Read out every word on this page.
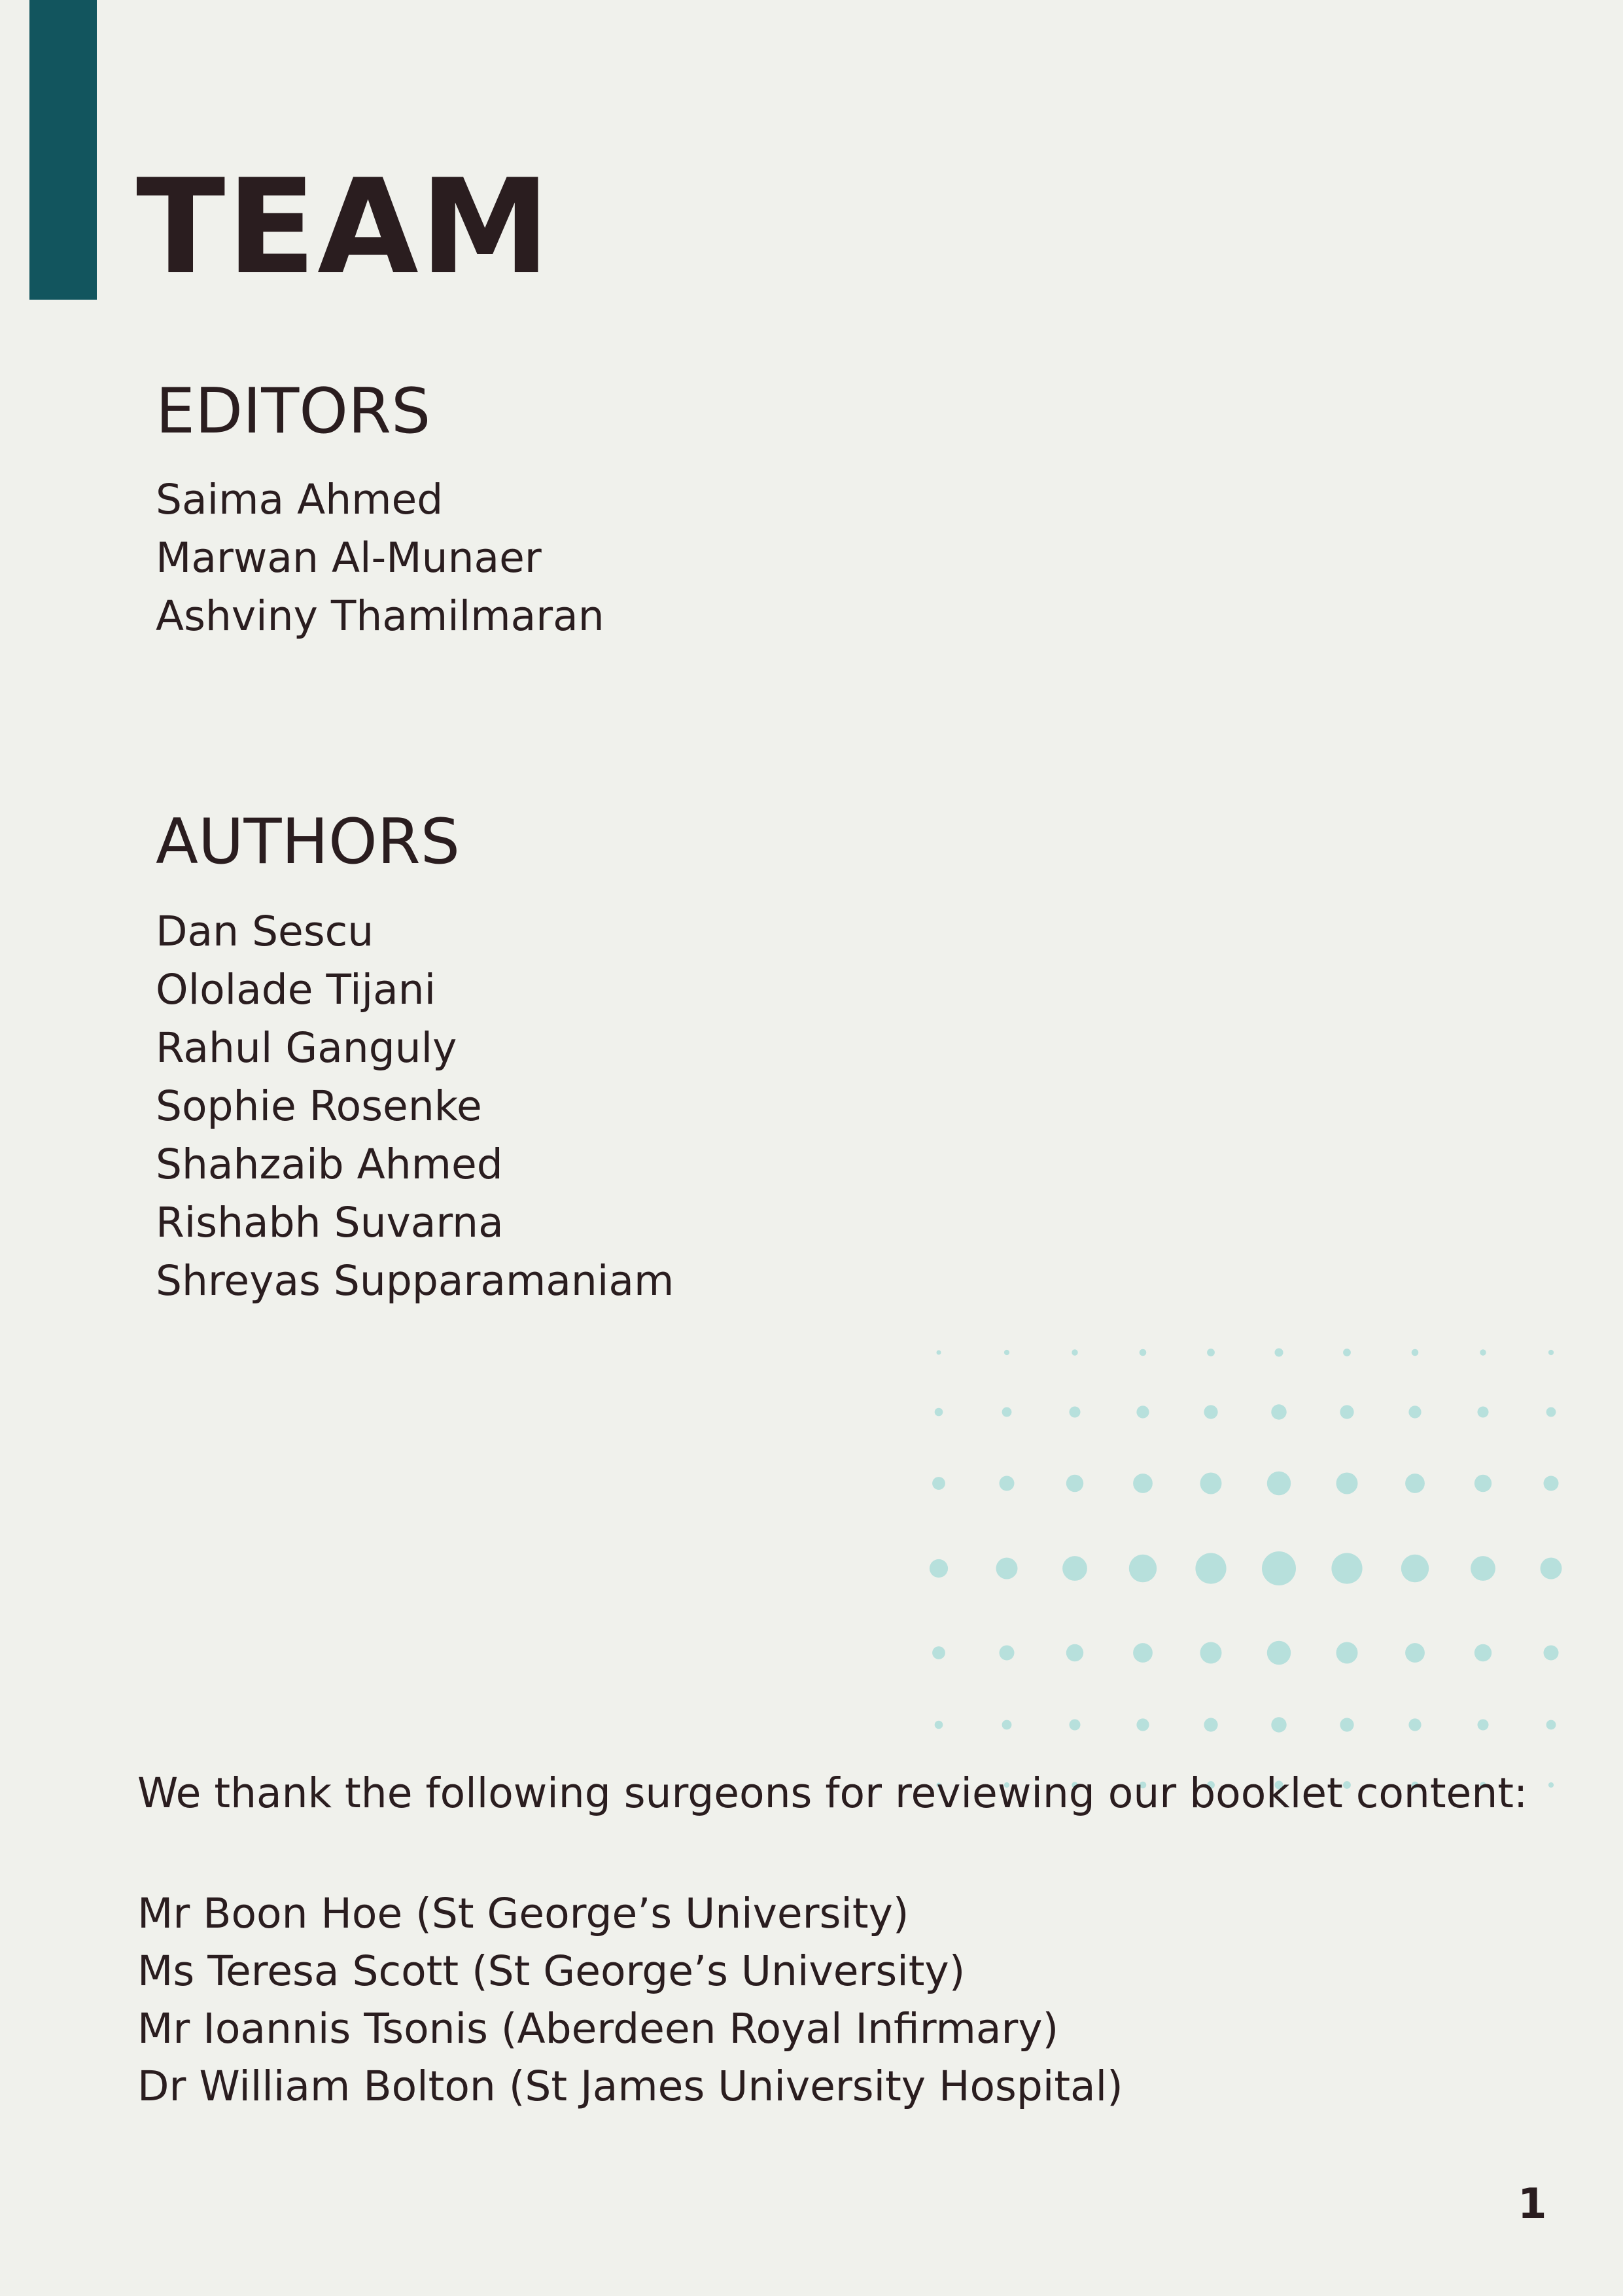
TEAM
EDITORS
Saima Ahmed
Marwan Al-Munaer
Ashviny Thamilmaran
AUTHORS
Dan Sescu
Ololade Tijani
Rahul Ganguly
Sophie Rosenke
Shahzaib Ahmed
Rishabh Suvarna
Shreyas Supparamaniam
We thank the following surgeons for reviewing our booklet content:
Mr Boon Hoe (St George’s University)
Ms Teresa Scott (St George’s University)
Mr Ioannis Tsonis (Aberdeen Royal Infirmary)
Dr William Bolton (St James University Hospital)
1
